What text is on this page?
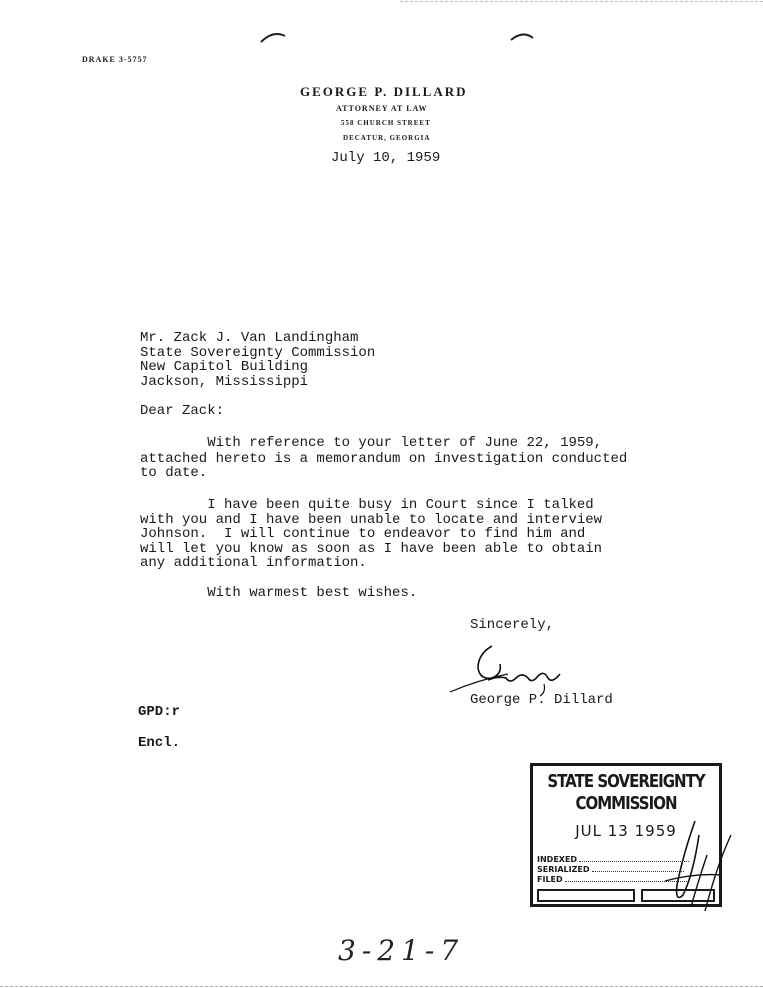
DRAKE 3-5757
GEORGE P. DILLARD
ATTORNEY AT LAW
558 CHURCH STREET
DECATUR, GEORGIA
July 10, 1959
Mr. Zack J. Van Landingham
State Sovereignty Commission
New Capitol Building
Jackson, Mississippi
Dear Zack:
With reference to your letter of June 22, 1959,
attached hereto is a memorandum on investigation conducted
to date.
I have been quite busy in Court since I talked
with you and I have been unable to locate and interview
Johnson.  I will continue to endeavor to find him and
will let you know as soon as I have been able to obtain
any additional information.
With warmest best wishes.
Sincerely,
George P. Dillard
GPD:r
Encl.
STATE SOVEREIGNTY COMMISSION
JUL 13 1959
INDEXED
SERIALIZED
FILED
3-21-7
